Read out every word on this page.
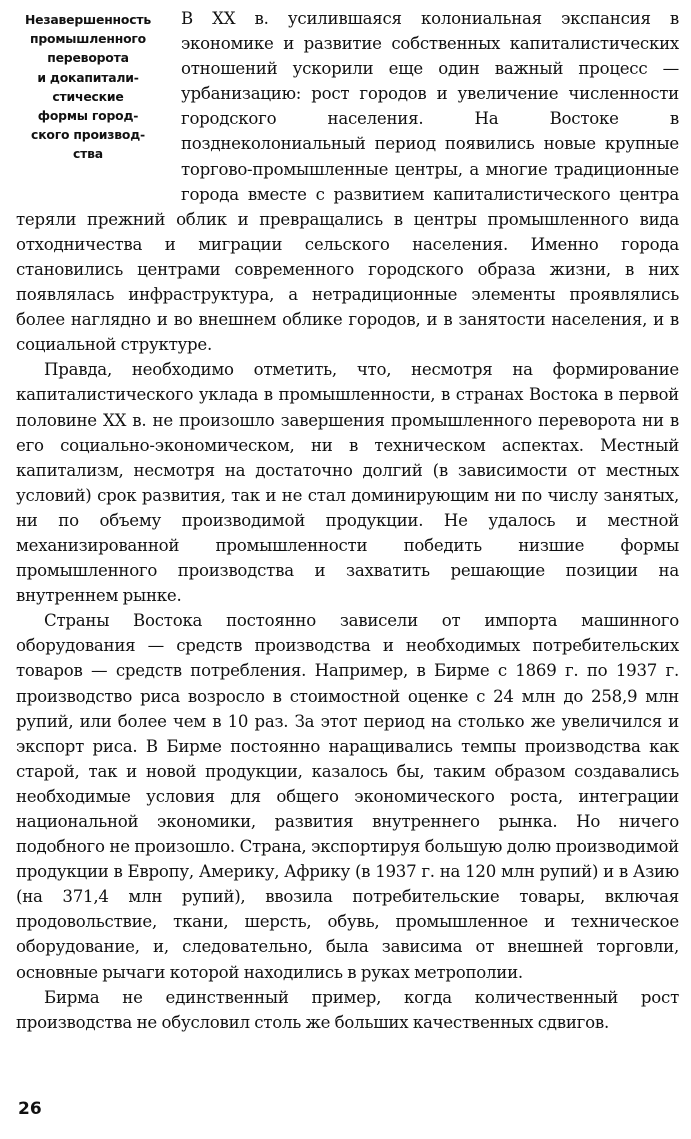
Незавершенность
промышленного
переворота
и докапитали-
стические
формы город-
ского производ-
ства

В XX в. усилившаяся колониальная экспансия в экономике и развитие собственных капиталистических отношений ускорили еще один важный процесс — урбанизацию: рост городов и увеличение численности городского населения. На Востоке в позднеколониальный период появились новые крупные торгово-промышленные центры, а многие традиционные города вместе с развитием капиталистического центра теряли прежний облик и превращались в центры промышленного вида отходничества и миграции сельского населения. Именно города становились центрами современного городского образа жизни, в них появлялась инфраструктура, а нетрадиционные элементы проявлялись более наглядно и во внешнем облике городов, и в занятости населения, и в социальной структуре.

Правда, необходимо отметить, что, несмотря на формирование капиталистического уклада в промышленности, в странах Востока в первой половине XX в. не произошло завершения промышленного переворота ни в его социально-экономическом, ни в техническом аспектах. Местный капитализм, несмотря на достаточно долгий (в зависимости от местных условий) срок развития, так и не стал доминирующим ни по числу занятых, ни по объему производимой продукции. Не удалось и местной механизированной промышленности победить низшие формы промышленного производства и захватить решающие позиции на внутреннем рынке.

Страны Востока постоянно зависели от импорта машинного оборудования — средств производства и необходимых потребительских товаров — средств потребления. Например, в Бирме с 1869 г. по 1937 г. производство риса возросло в стоимостной оценке с 24 млн до 258,9 млн рупий, или более чем в 10 раз. За этот период на столько же увеличился и экспорт риса. В Бирме постоянно наращивались темпы производства как старой, так и новой продукции, казалось бы, таким образом создавались необходимые условия для общего экономического роста, интеграции национальной экономики, развития внутреннего рынка. Но ничего подобного не произошло. Страна, экспортируя большую долю производимой продукции в Европу, Америку, Африку (в 1937 г. на 120 млн рупий) и в Азию (на 371,4 млн рупий), ввозила потребительские товары, включая продовольствие, ткани, шерсть, обувь, промышленное и техническое оборудование, и, следовательно, была зависима от внешней торговли, основные рычаги которой находились в руках метрополии.

Бирма не единственный пример, когда количественный рост производства не обусловил столь же больших качественных сдвигов.

26
